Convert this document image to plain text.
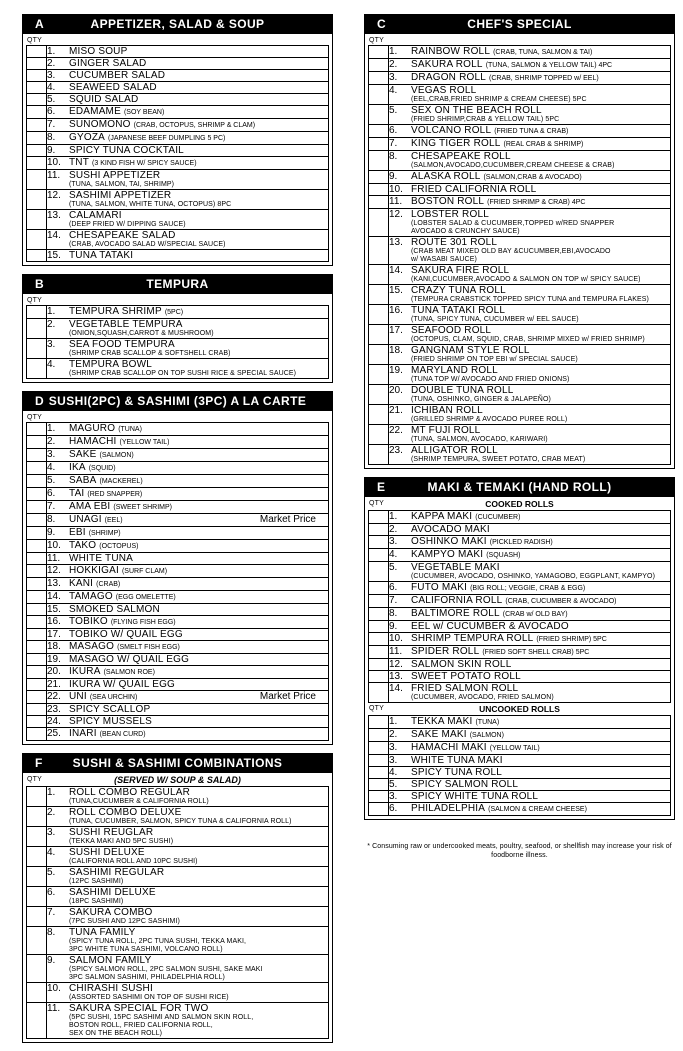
A	APPETIZER, SALAD & SOUP
QTY

	1. MISO SOUP

	2. GINGER SALAD

	3. CUCUMBER SALAD

	4. SEAWEED SALAD

	5. SQUID SALAD

	6. EDAMAME (SOY BEAN)

	7. SUNOMONO (CRAB, OCTOPUS, SHRIMP & CLAM)

	8. GYOZA (JAPANESE BEEF DUMPLING 5 PC)

	9. SPICY TUNA COCKTAIL

	10. TNT (3 KIND FISH W/ SPICY SAUCE)

	11. SUSHI APPETIZER
(TUNA, SALMON, TAI, SHRIMP)

	12. SASHIMI APPETIZER
(TUNA, SALMON, WHITE TUNA, OCTOPUS) 8PC

	13. CALAMARI
(DEEP FRIED W/ DIPPING SAUCE)

	14. CHESAPEAKE SALAD
(CRAB, AVOCADO SALAD W/SPECIAL SAUCE)

	15. TUNA TATAKI
B	TEMPURA
QTY

	1. TEMPURA SHRIMP (5PC)

	2. VEGETABLE TEMPURA
(ONION,SQUASH,CARROT & MUSHROOM)

	3. SEA FOOD TEMPURA
(SHRIMP CRAB SCALLOP & SOFTSHELL CRAB)

	4. TEMPURA BOWL
(SHRIMP CRAB SCALLOP ON TOP SUSHI RICE & SPECIAL SAUCE)
D SUSHI(2PC) & SASHIMI (3PC) A LA CARTE
QTY

	1. MAGURO (TUNA)

	2. HAMACHI (YELLOW TAIL)

	3. SAKE (SALMON)

	4. IKA (SQUID)

	5. SABA (MACKEREL)

	6. TAI (RED SNAPPER)

	7. AMA EBI (SWEET SHRIMP)

	8. UNAGI (EEL) Market Price

	9. EBI (SHRIMP)

	10. TAKO (OCTOPUS)

	11. WHITE TUNA

	12. HOKKIGAI (SURF CLAM)

	13. KANI (CRAB)

	14. TAMAGO (EGG OMELETTE)

	15. SMOKED SALMON

	16. TOBIKO (FLYING FISH EGG)

	17. TOBIKO W/ QUAIL EGG

	18. MASAGO (SMELT FISH EGG)

	19. MASAGO W/ QUAIL EGG

	20. IKURA (SALMON ROE)

	21. IKURA W/ QUAIL EGG

	22. UNI (SEA URCHIN) Market Price

	23. SPICY SCALLOP

	24. SPICY MUSSELS

	25. INARI (BEAN CURD)
F	SUSHI & SASHIMI COMBINATIONS
QTY	(SERVED W/ SOUP & SALAD)

	1. ROLL COMBO REGULAR
(TUNA,CUCUMBER & CALIFORNIA ROLL)

	2. ROLL COMBO DELUXE
(TUNA, CUCUMBER, SALMON, SPICY TUNA & CALIFORNIA ROLL)

	3. SUSHI REUGLAR
(TEKKA MAKI AND 5PC SUSHI)

	4. SUSHI DELUXE
(CALIFORNIA ROLL AND 10PC SUSHI)

	5. SASHIMI REGULAR
(12PC SASHIMI)

	6. SASHIMI DELUXE
(18PC SASHIMI)

	7. SAKURA COMBO
(7PC SUSHI AND 12PC SASHIMI)

	8. TUNA FAMILY
(SPICY TUNA ROLL, 2PC TUNA SUSHI, TEKKA MAKI,
3PC WHITE TUNA SASHIMI, VOLCANO ROLL)

	9. SALMON FAMILY
(SPICY SALMON ROLL, 2PC SALMON SUSHI, SAKE MAKI
3PC SALMON SASHIMI, PHILADELPHIA ROLL)

	10. CHIRASHI SUSHI
(ASSORTED SASHIMI ON TOP OF SUSHI RICE)

	11. SAKURA SPECIAL FOR TWO
(5PC SUSHI, 15PC SASHIMI AND SALMON SKIN ROLL,
BOSTON ROLL, FRIED CALIFORNIA ROLL,
SEX ON THE BEACH ROLL)
C	CHEF'S SPECIAL
QTY

	1. RAINBOW ROLL (CRAB, TUNA, SALMON & TAI)

	2. SAKURA ROLL (TUNA, SALMON & YELLOW TAIL) 4PC

	3. DRAGON ROLL (CRAB, SHRIMP TOPPED w/ EEL)

	4. VEGAS ROLL
(EEL,CRAB,FRIED SHRIMP & CREAM CHEESE) 5PC

	5. SEX ON THE BEACH ROLL
(FRIED SHRIMP,CRAB & YELLOW TAIL) 5PC

	6. VOLCANO ROLL (FRIED TUNA & CRAB)

	7. KING TIGER ROLL (REAL CRAB & SHRIMP)

	8. CHESAPEAKE ROLL
(SALMON,AVOCADO,CUCUMBER,CREAM CHEESE & CRAB)

	9. ALASKA ROLL (SALMON,CRAB & AVOCADO)

	10. FRIED CALIFORNIA ROLL

	11. BOSTON ROLL (FRIED SHRIMP & CRAB) 4PC

	12. LOBSTER ROLL
(LOBSTER SALAD & CUCUMBER,TOPPED w/RED SNAPPER
AVOCADO & CRUNCHY SAUCE)

	13. ROUTE 301 ROLL
(CRAB MEAT MIXED OLD BAY &CUCUMBER,EBI,AVOCADO
w/ WASABI SAUCE)

	14. SAKURA FIRE ROLL
(KANI,CUCUMBER,AVOCADO & SALMON ON TOP w/ SPICY SAUCE)

	15. CRAZY TUNA ROLL
(TEMPURA CRABSTICK TOPPED SPICY TUNA and TEMPURA FLAKES)

	16. TUNA TATAKI ROLL
(TUNA, SPICY TUNA, CUCUMBER w/ EEL SAUCE)

	17. SEAFOOD ROLL
(OCTOPUS, CLAM, SQUID, CRAB, SHRIMP MIXED w/ FRIED SHRIMP)

	18. GANGNAM STYLE ROLL
(FRIED SHRIMP ON TOP EBI w/ SPECIAL SAUCE)

	19. MARYLAND ROLL
(TUNA TOP W/ AVOCADO AND FRIED ONIONS)

	20. DOUBLE TUNA ROLL
(TUNA, OSHINKO, GINGER & JALAPEÑO)

	21. ICHIBAN ROLL
(GRILLED SHRIMP & AVOCADO PUREE ROLL)

	22. MT FUJI ROLL
(TUNA, SALMON, AVOCADO, KARIWARI)

	23. ALLIGATOR ROLL
(SHRIMP TEMPURA, SWEET POTATO, CRAB MEAT)
E	MAKI & TEMAKI (HAND ROLL)
QTY	COOKED ROLLS

	1. KAPPA MAKI (CUCUMBER)

	2. AVOCADO MAKI

	3. OSHINKO MAKI (PICKLED RADISH)

	4. KAMPYO MAKI (SQUASH)

	5. VEGETABLE MAKI
(CUCUMBER, AVOCADO, OSHINKO, YAMAGOBO, EGGPLANT, KAMPYO)

	6. FUTO MAKI (BIG ROLL; VEGGIE, CRAB & EGG)

	7. CALIFORNIA ROLL (CRAB, CUCUMBER & AVOCADO)

	8. BALTIMORE ROLL (CRAB w/ OLD BAY)

	9. EEL w/ CUCUMBER & AVOCADO

	10. SHRIMP TEMPURA ROLL (FRIED SHRIMP) 5PC

	11. SPIDER ROLL (FRIED SOFT SHELL CRAB) 5PC

	12. SALMON SKIN ROLL

	13. SWEET POTATO ROLL

	14. FRIED SALMON ROLL
(CUCUMBER, AVOCADO, FRIED SALMON)
QTY	UNCOOKED ROLLS

	1. TEKKA MAKI (TUNA)

	2. SAKE MAKI (SALMON)

	3. HAMACHI MAKI (YELLOW TAIL)

	3. WHITE TUNA MAKI

	4. SPICY TUNA ROLL

	5. SPICY SALMON ROLL

	3. SPICY WHITE TUNA ROLL

	6. PHILADELPHIA (SALMON & CREAM CHEESE)
* Consuming raw or undercooked meats, poultry, seafood, or shellfish may increase your risk of foodborne illness.
